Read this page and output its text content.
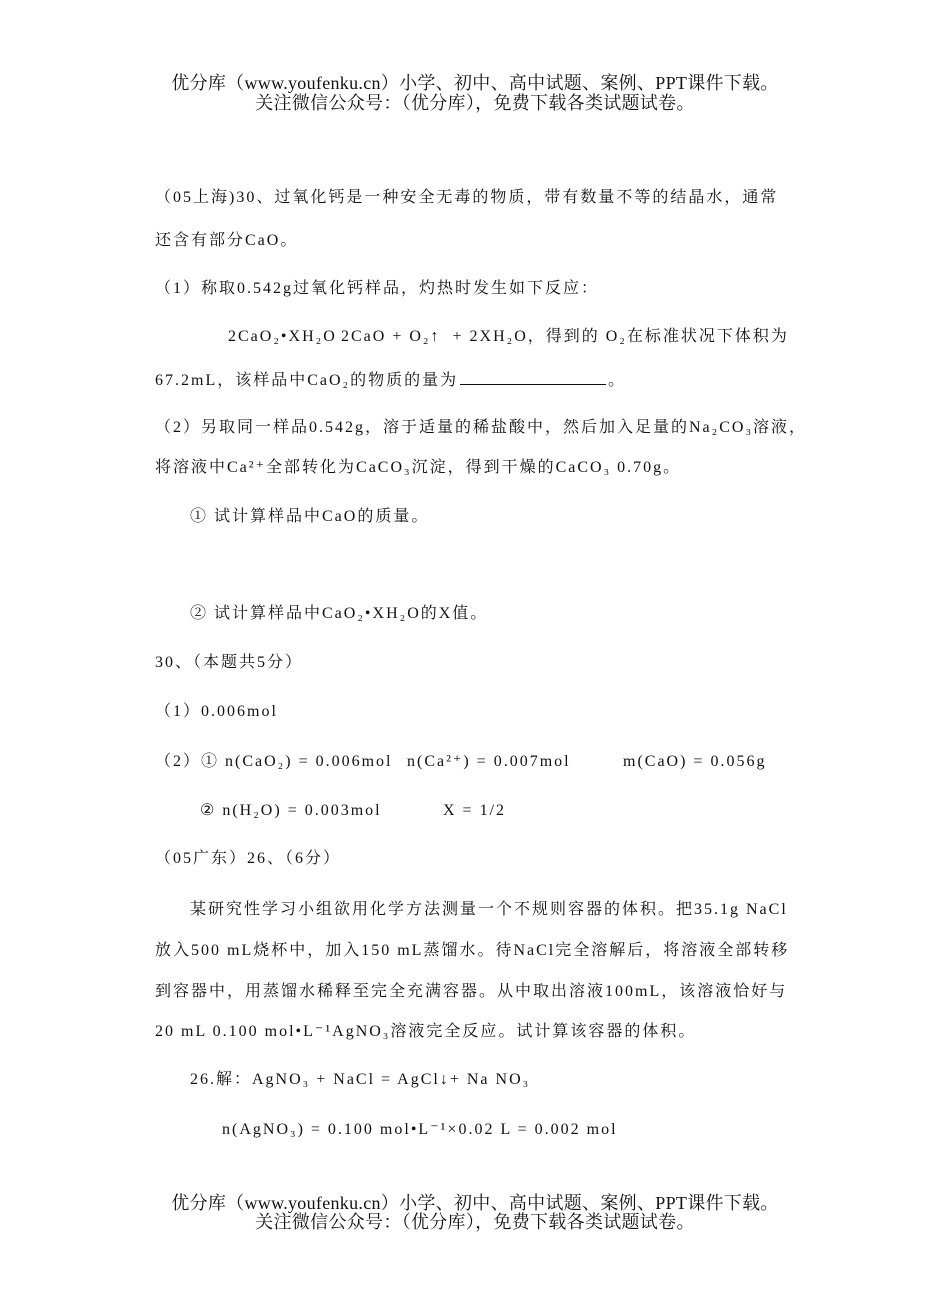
优分库（www.youfenku.cn）小学、初中、高中试题、案例、PPT课件下载。
关注微信公众号：（优分库），免费下载各类试题试卷。
（05上海)30、过氧化钙是一种安全无毒的物质，带有数量不等的结晶水，通常
还含有部分CaO。
（1）称取0.542g过氧化钙样品，灼热时发生如下反应：
2CaO₂•XH₂O 2CaO + O₂↑  + 2XH₂O，得到的 O₂在标准状况下体积为
67.2mL，该样品中CaO₂的物质的量为	。
（2）另取同一样品0.542g，溶于适量的稀盐酸中，然后加入足量的Na₂CO₃溶液，
将溶液中Ca²⁺全部转化为CaCO₃沉淀，得到干燥的CaCO₃ 0.70g。
① 试计算样品中CaO的质量。
② 试计算样品中CaO₂•XH₂O的X值。
30、（本题共5分）
（1）0.006mol
（2）① n(CaO₂) = 0.006mol n(Ca²⁺) = 0.007mol	m(CaO) = 0.056g
② n(H₂O) = 0.003mol	X = 1/2
（05广东）26、（6分）
某研究性学习小组欲用化学方法测量一个不规则容器的体积。把35.1g NaCl
放入500 mL烧杯中，加入150 mL蒸馏水。待NaCl完全溶解后，将溶液全部转移
到容器中，用蒸馏水稀释至完全充满容器。从中取出溶液100mL，该溶液恰好与
20 mL 0.100 mol•L⁻¹AgNO₃溶液完全反应。试计算该容器的体积。
26.解：AgNO₃ + NaCl = AgCl↓+ Na NO₃
n(AgNO₃) = 0.100 mol•L⁻¹×0.02 L = 0.002 mol
优分库（www.youfenku.cn）小学、初中、高中试题、案例、PPT课件下载。
关注微信公众号：（优分库），免费下载各类试题试卷。
